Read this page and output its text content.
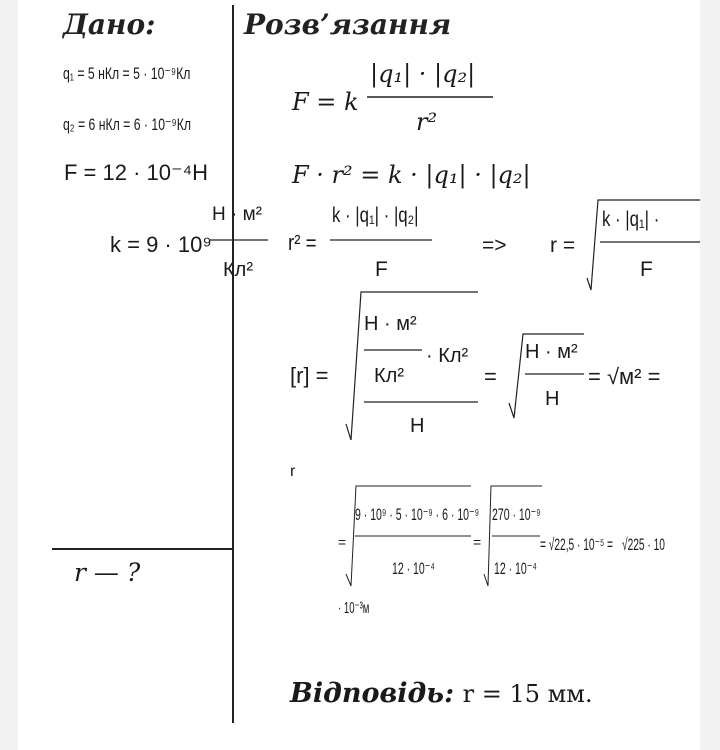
Дано:	Розв’язання
q₁ = 5 нКл = 5 · 10⁻⁹Кл
q₂ = 6 нКл = 6 · 10⁻⁹Кл
F = 12 · 10⁻⁴Н
k = 9 · 10⁹
Н · м²
Кл²
F = k
|q₁| · |q₂|
r²
F · r² = k · |q₁| · |q₂|
r² =
k · |q₁| · |q₂|
F
=> r =
k · |q₁| ·
F
[r] =
Н · м²
Кл²
· Кл²
Н
=
Н · м²
Н
= √м² =
r
=
9 · 10⁹ · 5 · 10⁻⁹ · 6 · 10⁻⁹
12 · 10⁻⁴
=
270 · 10⁻⁹
12 · 10⁻⁴
= √22,5 · 10⁻⁵ = √225 · 10
· 10⁻³м
r — ?
Відповідь: r = 15 мм.
